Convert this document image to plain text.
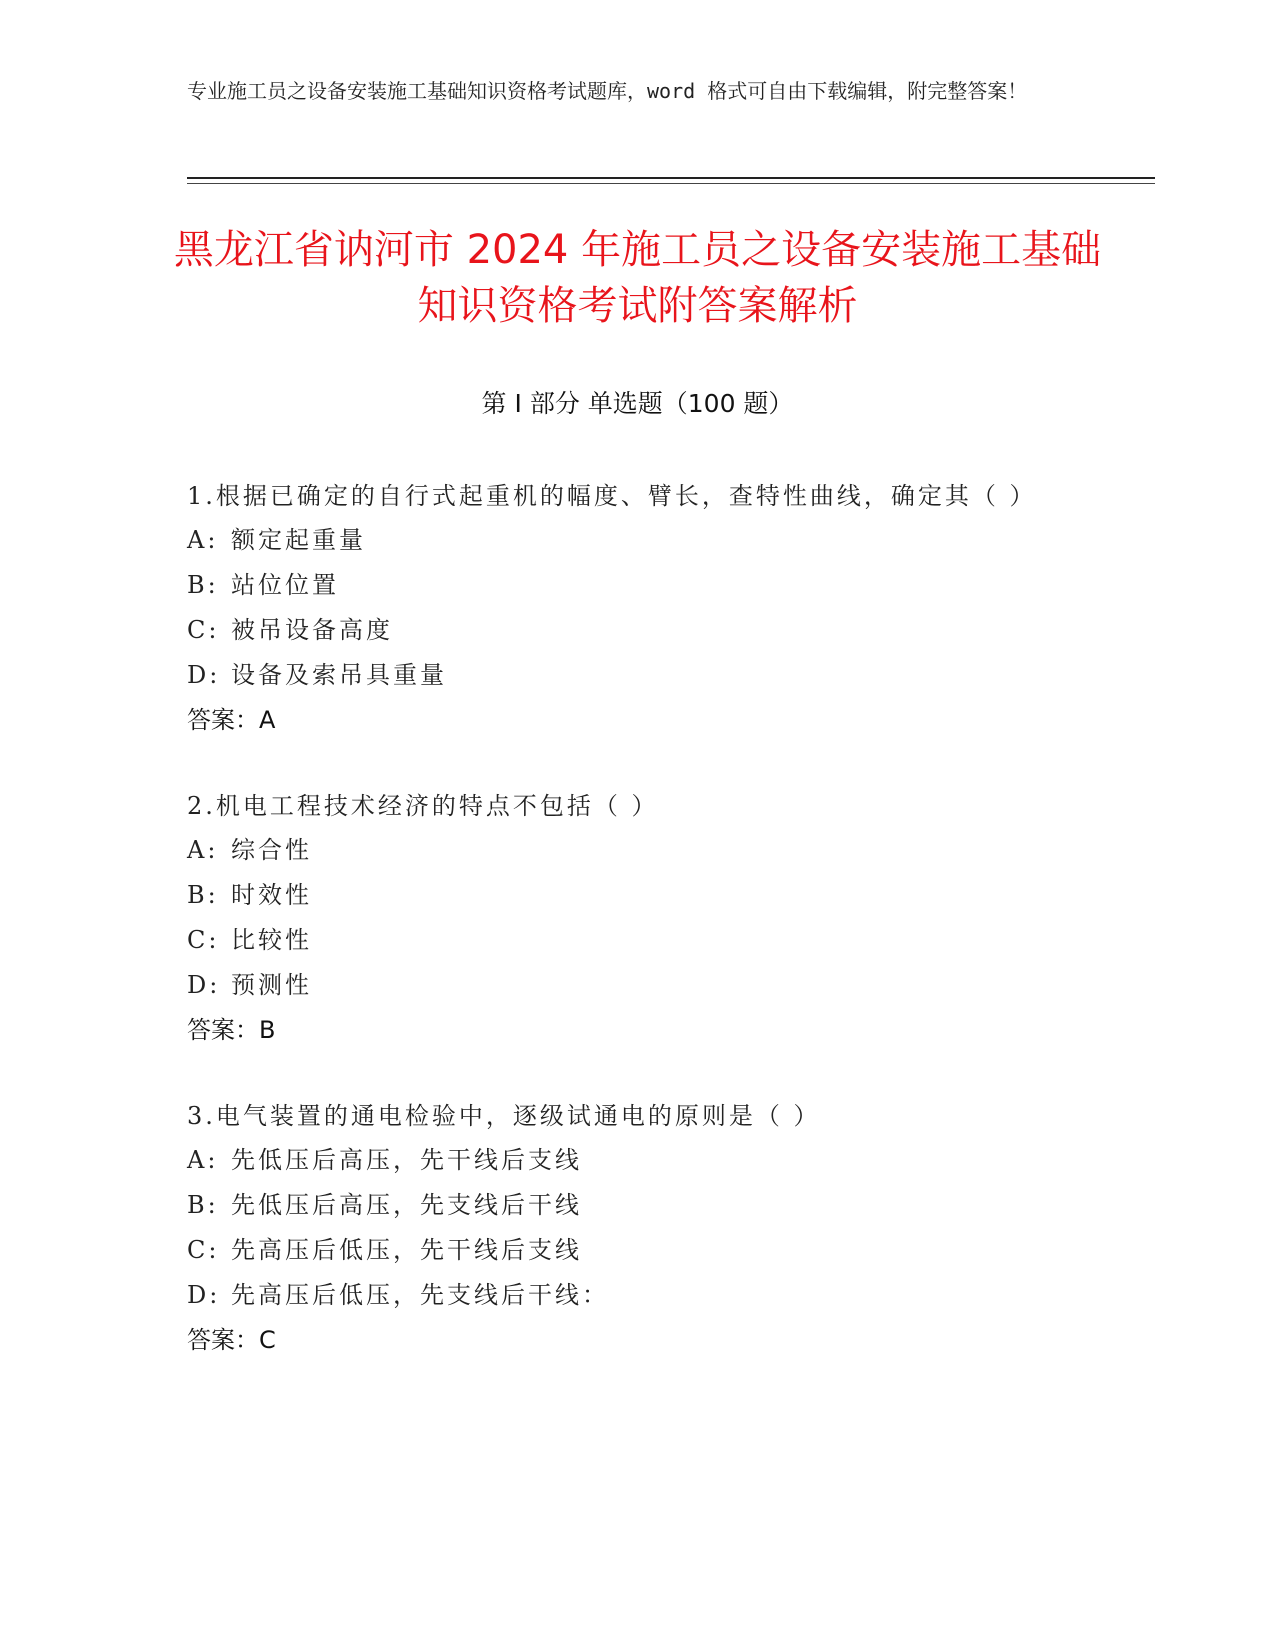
专业施工员之设备安装施工基础知识资格考试题库，word 格式可自由下载编辑，附完整答案！
黑龙江省讷河市 2024 年施工员之设备安装施工基础知识资格考试附答案解析
第 I 部分 单选题（100 题）

1.根据已确定的自行式起重机的幅度、臂长，查特性曲线，确定其（ ）

A: 额定起重量
B: 站位位置
C: 被吊设备高度
D: 设备及索吊具重量
答案：A

2.机电工程技术经济的特点不包括（ ）

A: 综合性
B: 时效性
C: 比较性
D: 预测性
答案：B

3.电气装置的通电检验中，逐级试通电的原则是（ ）

A: 先低压后高压，先干线后支线
B: 先低压后高压，先支线后干线
C: 先高压后低压，先干线后支线
D: 先高压后低压，先支线后干线：
答案：C
